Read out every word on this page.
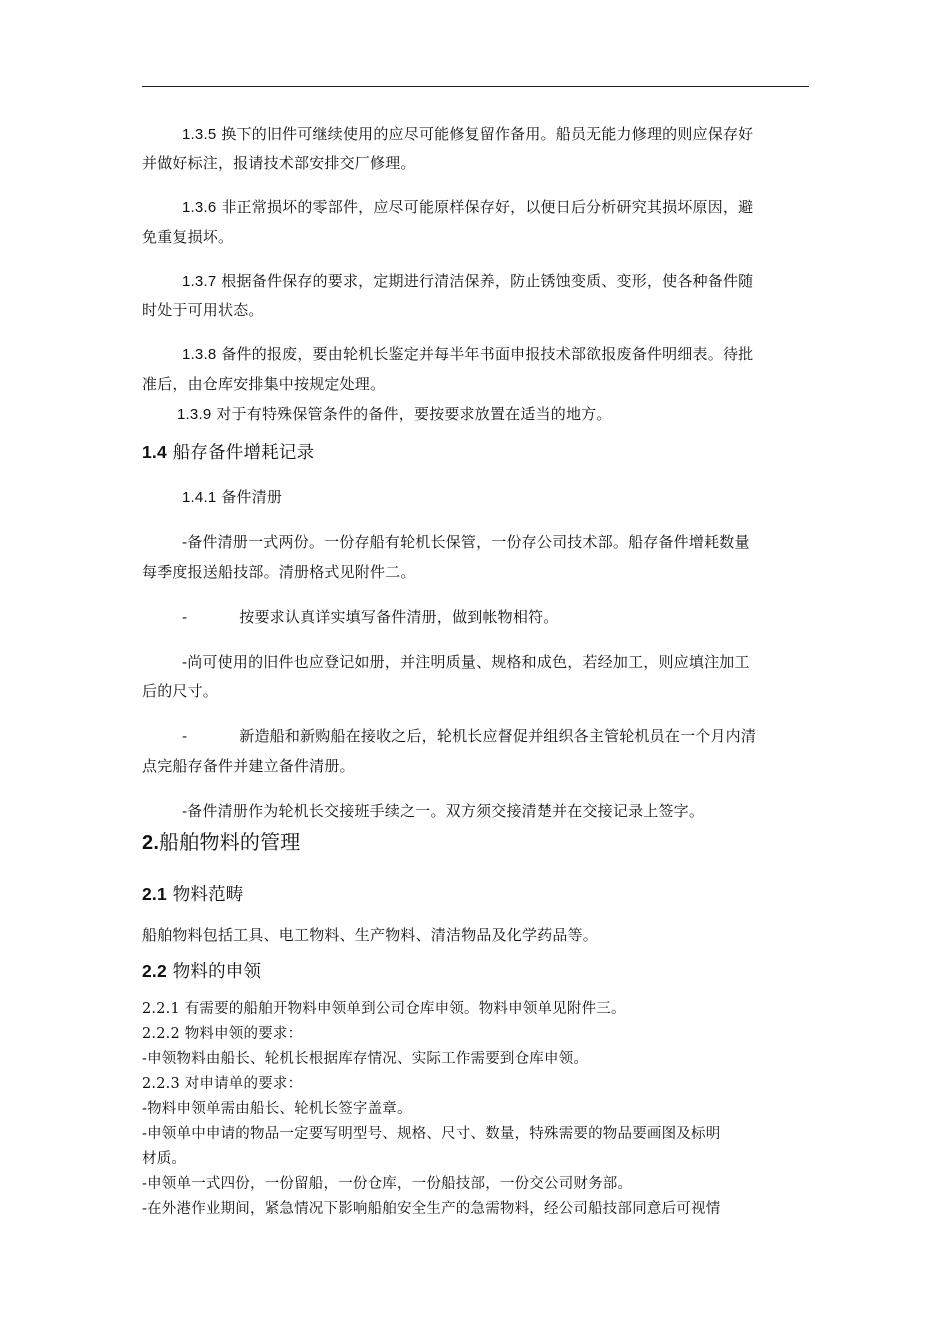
1.3.5 换下的旧件可继续使用的应尽可能修复留作备用。船员无能力修理的则应保存好
并做好标注，报请技术部安排交厂修理。
1.3.6 非正常损坏的零部件，应尽可能原样保存好，以便日后分析研究其损坏原因，避
免重复损坏。
1.3.7 根据备件保存的要求，定期进行清洁保养，防止锈蚀变质、变形，使各种备件随
时处于可用状态。
1.3.8 备件的报废，要由轮机长鉴定并每半年书面申报技术部欲报废备件明细表。待批
准后，由仓库安排集中按规定处理。
1.3.9 对于有特殊保管条件的备件，要按要求放置在适当的地方。
1.4 船存备件增耗记录
1.4.1 备件清册
-备件清册一式两份。一份存船有轮机长保管，一份存公司技术部。船存备件增耗数量
每季度报送船技部。清册格式见附件二。
-	按要求认真详实填写备件清册，做到帐物相符。
-尚可使用的旧件也应登记如册，并注明质量、规格和成色，若经加工，则应填注加工
后的尺寸。
-	新造船和新购船在接收之后，轮机长应督促并组织各主管轮机员在一个月内清
点完船存备件并建立备件清册。
-备件清册作为轮机长交接班手续之一。双方须交接清楚并在交接记录上签字。
2.船舶物料的管理
2.1 物料范畴
船舶物料包括工具、电工物料、生产物料、清洁物品及化学药品等。
2.2 物料的申领
2.2.1 有需要的船舶开物料申领单到公司仓库申领。物料申领单见附件三。
2.2.2 物料申领的要求：
-申领物料由船长、轮机长根据库存情况、实际工作需要到仓库申领。
2.2.3 对申请单的要求：
-物料申领单需由船长、轮机长签字盖章。
-申领单中申请的物品一定要写明型号、规格、尺寸、数量，特殊需要的物品要画图及标明
材质。
-申领单一式四份，一份留船，一份仓库，一份船技部，一份交公司财务部。
-在外港作业期间，紧急情况下影响船舶安全生产的急需物料，经公司船技部同意后可视情
